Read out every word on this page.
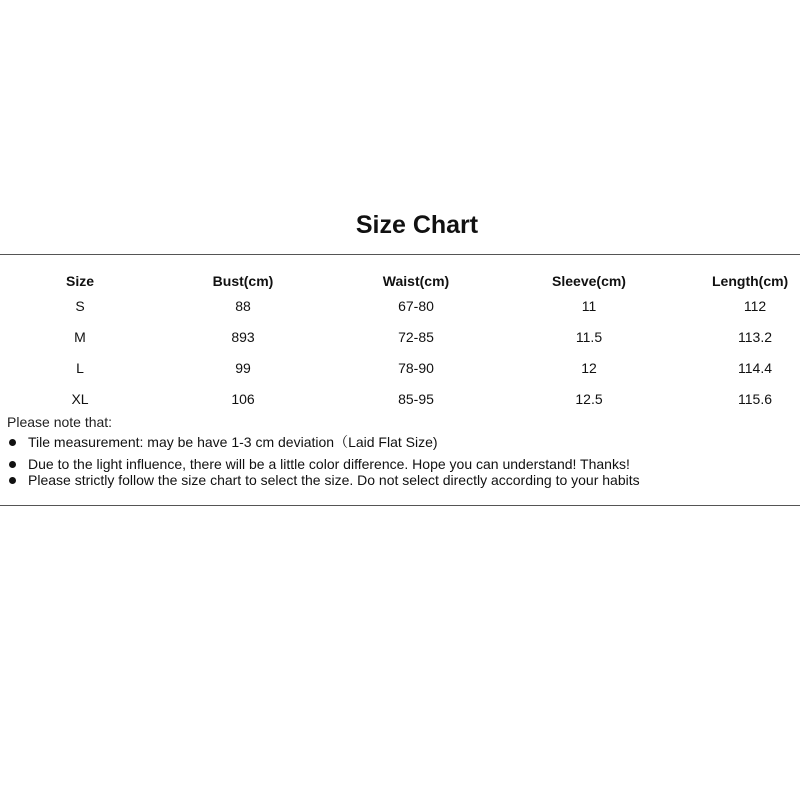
Size Chart
Size	Bust(cm)	Waist(cm)	Sleeve(cm)	Length(cm)
S	88	67-80	11	112
M	893	72-85	11.5	113.2
L	99	78-90	12	114.4
XL	106	85-95	12.5	115.6
Please note that:
Tile measurement: may be have 1-3 cm deviation（Laid Flat Size)
Due to the light influence, there will be a little color difference. Hope you can understand! Thanks!
Please strictly follow the size chart to select the size. Do not select directly according to your habits
